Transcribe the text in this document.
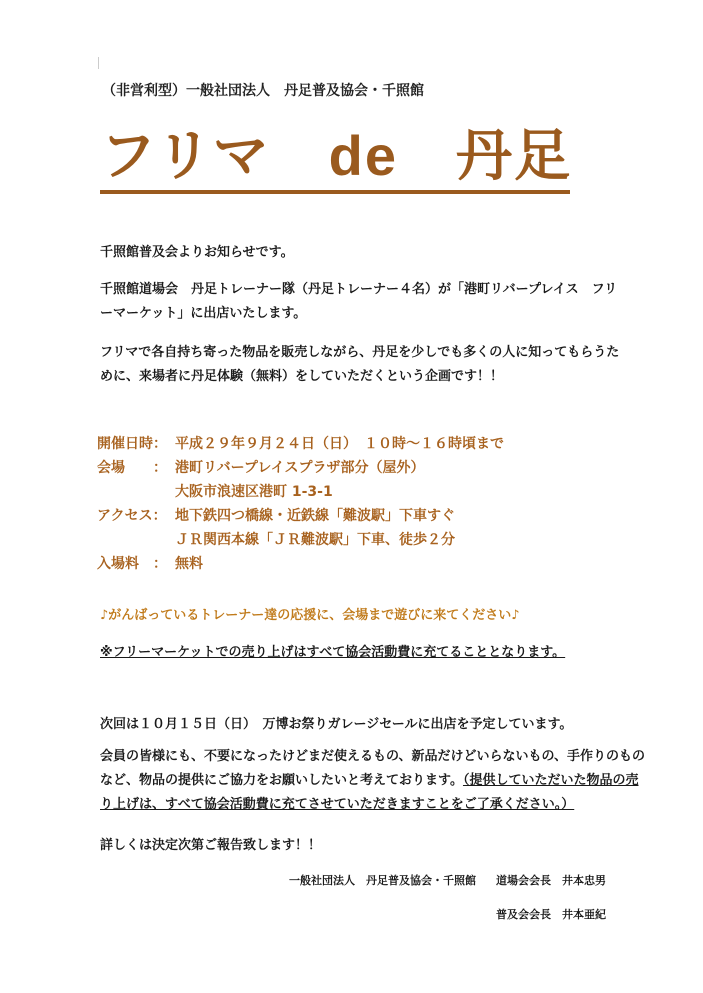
（非営利型）一般社団法人　丹足普及協会・千照館
フリマ　de　丹足
千照館普及会よりお知らせです。
千照館道場会　丹足トレーナー隊（丹足トレーナー４名）が「港町リバープレイス　フリ
ーマーケット」に出店いたします。
フリマで各自持ち寄った物品を販売しながら、丹足を少しでも多くの人に知ってもらうた
めに、来場者に丹足体験（無料）をしていただくという企画です！！
開催日時： 平成２９年９月２４日（日）　１０時～１６時頃まで
会場　　： 港町リバープレイスプラザ部分（屋外）
大阪市浪速区港町 1-3-1
アクセス： 地下鉄四つ橋線・近鉄線「難波駅」下車すぐ
ＪＲ関西本線「ＪＲ難波駅」下車、徒歩２分
入場料　： 無料
♪がんばっているトレーナー達の応援に、会場まで遊びに来てください♪
※フリーマーケットでの売り上げはすべて協会活動費に充てることとなります。
次回は１０月１５日（日）　万博お祭りガレージセールに出店を予定しています。
会員の皆様にも、不要になったけどまだ使えるもの、新品だけどいらないもの、手作りのもの
など、物品の提供にご協力をお願いしたいと考えております。（提供していただいた物品の売
り上げは、すべて協会活動費に充てさせていただきますことをご了承ください。）
詳しくは決定次第ご報告致します！！
一般社団法人　丹足普及協会・千照館 道場会会長　井本忠男
普及会会長　井本亜紀
